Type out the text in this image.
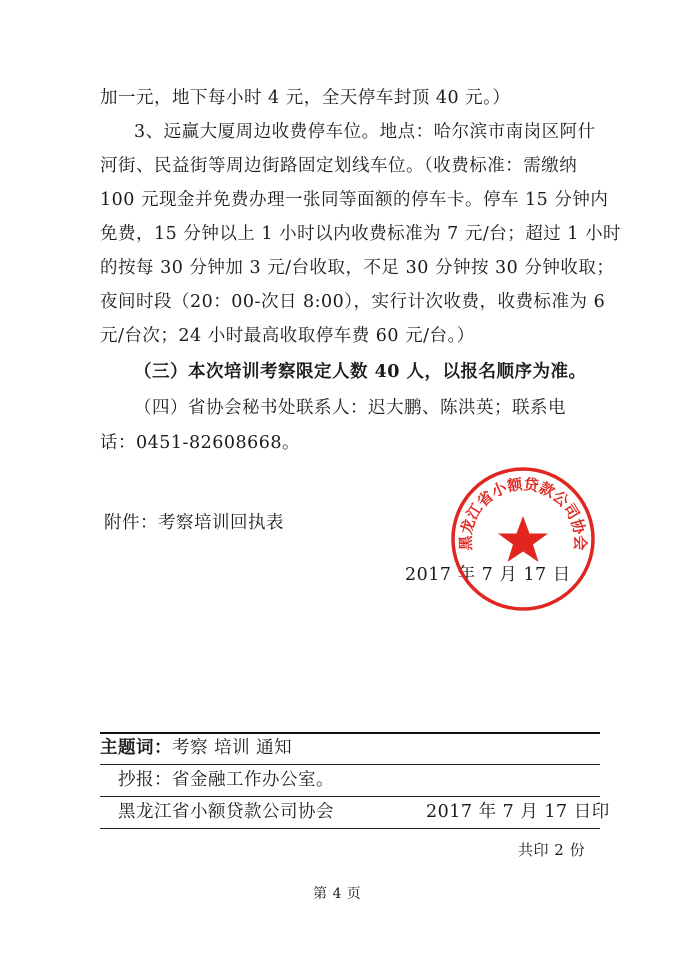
加一元，地下每小时 4 元，全天停车封顶 40 元。）
3、远赢大厦周边收费停车位。地点：哈尔滨市南岗区阿什
河街、民益街等周边街路固定划线车位。（收费标准：需缴纳
100 元现金并免费办理一张同等面额的停车卡。停车 15 分钟内
免费，15 分钟以上 1 小时以内收费标准为 7 元/台；超过 1 小时
的按每 30 分钟加 3 元/台收取，不足 30 分钟按 30 分钟收取；
夜间时段（20：00-次日 8:00），实行计次收费，收费标准为 6
元/台次；24 小时最高收取停车费 60 元/台。）
（三）本次培训考察限定人数 40 人，以报名顺序为准。
（四）省协会秘书处联系人：迟大鹏、陈洪英；联系电
话：0451-82608668。
附件：考察培训回执表
2017 年 7 月 17 日
黑龙江省小额贷款公司协会
主题词：考察 培训 通知
抄报：省金融工作办公室。
黑龙江省小额贷款公司协会	2017 年 7 月 17 日印
共印 2 份
第 4 页
